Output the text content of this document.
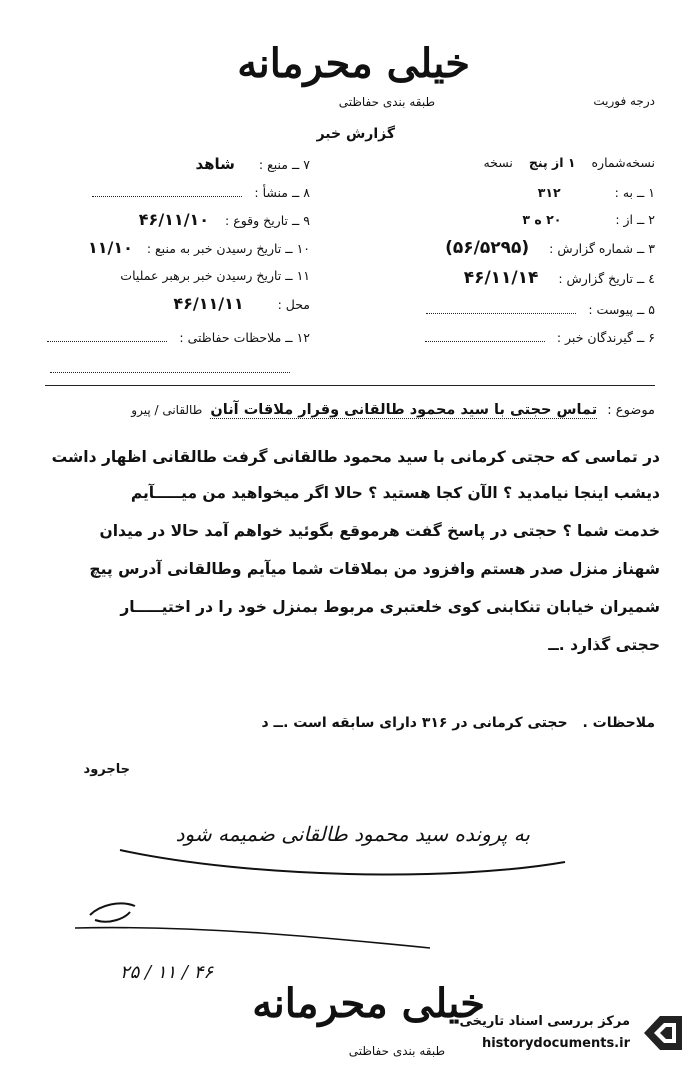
خیلی محرمانه
طبقه بندی حفاظتی	درجه فوریت
گزارش خبر
نسخه‌شماره ۱ از پنج نسخه
۱ ــ به : ۳۱۲
۲ ــ از : ۲۰ ه ۳
۳ ــ شماره گزارش : (۵۶/۵۲۹۵)
٤ ــ تاریخ گزارش : ۴۶/۱۱/۱۴
۵ ــ پیوست :
۶ ــ گیرندگان خبر :
۷ ــ منبع : شاهد
۸ ــ منشأ :
۹ ــ تاریخ وقوع : ۴۶/۱۱/۱۰
۱۰ ــ تاریخ رسیدن خبر به منبع : ۱۱/۱۰
۱۱ ــ تاریخ رسیدن خبر برهبر عملیات
محل : ۴۶/۱۱/۱۱
۱۲ ــ ملاحظات حفاظتی :
موضوع : تماس حجتی با سید محمود طالقانی وقرار ملاقات آنان طالقانی / پیرو
در تماسی که حجتی کرمانی با سید محمود طالقانی گرفت طالقانی اظهار داشت
دیشب اینجا نیامدید ؟ الآن کجا هستید ؟ حالا اگر میخواهید من میـــــآیم
خدمت شما ؟ حجتی در پاسخ گفت هرموقع بگوئید خواهم آمد حالا در میدان
شهناز منزل صدر هستم وافزود من بملاقات شما میآیم وطالقانی آدرس پیچ
شمیران خیابان تنکابنی کوی خلعتبری مربوط بمنزل خود را در اختیـــــار
حجتی گذارد .ــ
ملاحظات . حجتی کرمانی در ۳۱۶ دارای سابقه است .ــ د
جاجرود
به پرونده سید محمود طالقانی ضمیمه شود
۲۵ / ۱۱ / ۴۶
خیلی محرمانه
طبقه بندی حفاظتی
مرکز بررسی اسناد تاریخی
historydocuments.ir
